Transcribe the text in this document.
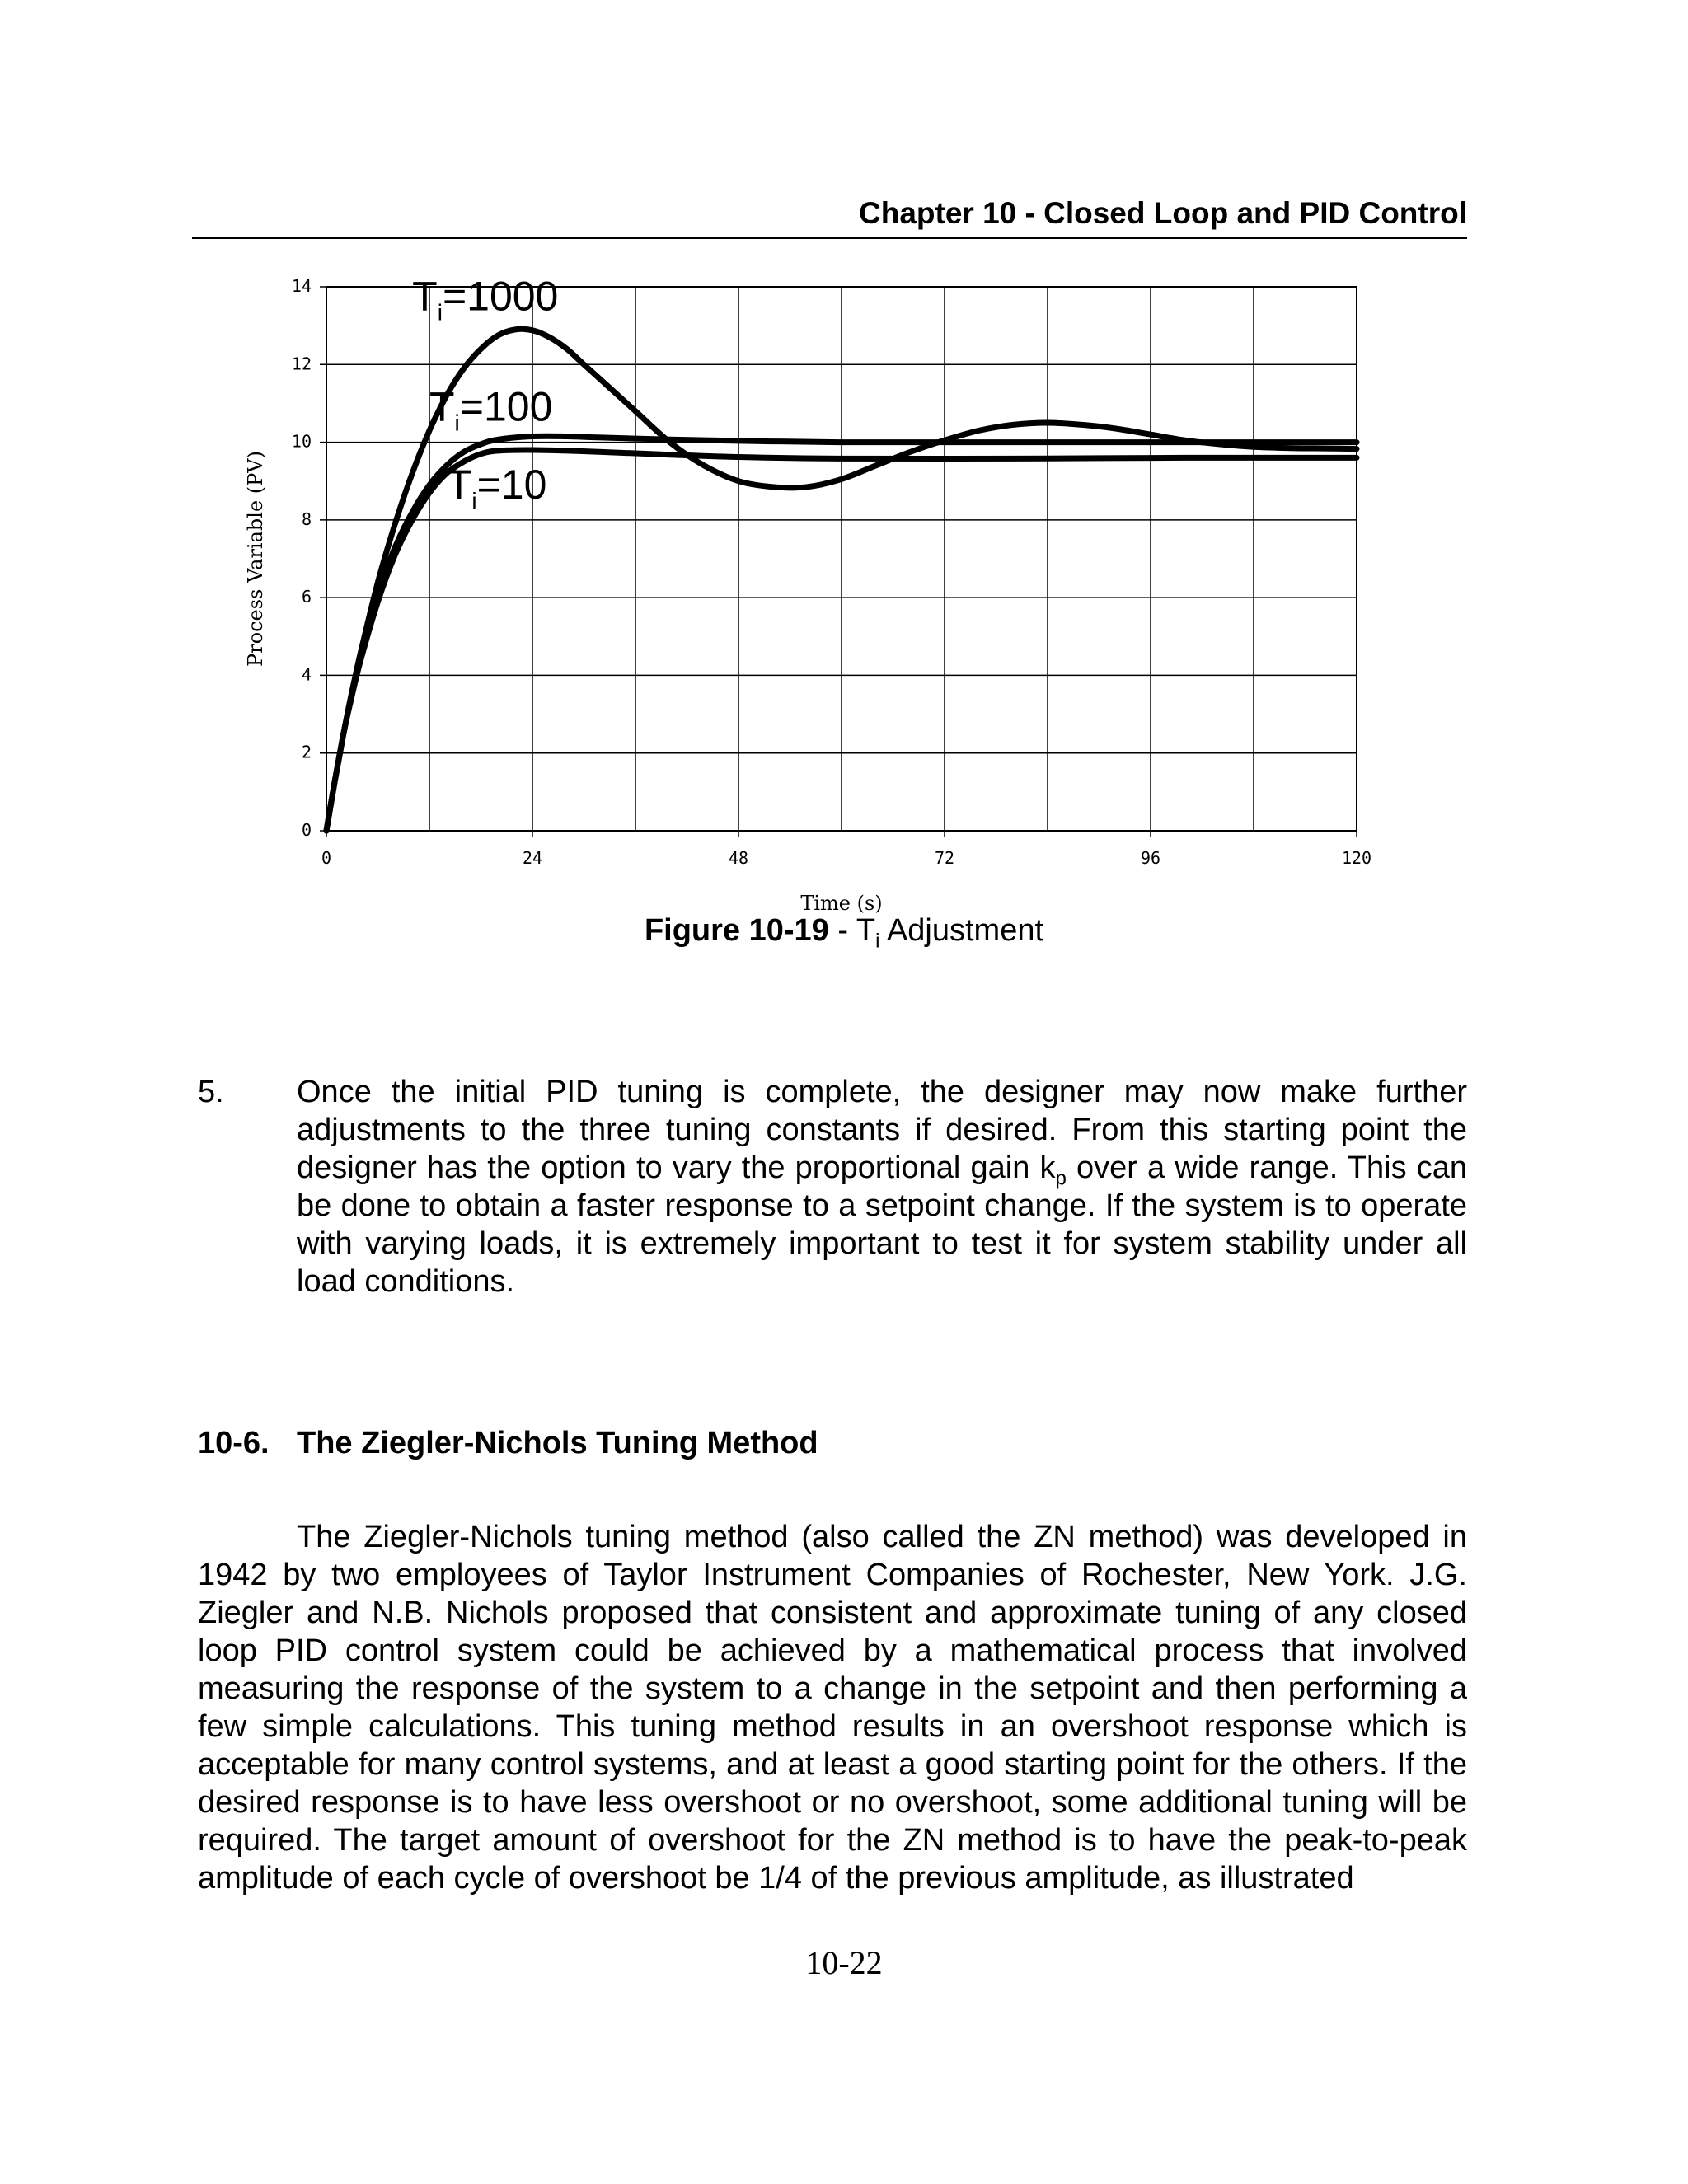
Chapter 10 - Closed Loop and PID Control
0	24	48	72	96	120
0
2
4
6
8
10
12
14 $T_i=1000$
$T_i=100$
$T_i=10$
Time (s)
Process Variable (PV)
Figure $10-19 - T_i$ Adjustment
5. Once the initial PID tuning is complete, the designer may now make further adjustments to the three tuning constants if desired. From this starting point the designer has the option to vary the proportional gain $k_p$ over a wide range. This can be done to obtain a faster response to a setpoint change. If the system is to operate with varying loads, it is extremely important to test it for system stability under all load conditions.
10-6. The Ziegler-Nichols Tuning Method
The Ziegler-Nichols tuning method (also called the ZN method) was developed in 1942 by two employees of Taylor Instrument Companies of Rochester, New York. J.G. Ziegler and N.B. Nichols proposed that consistent and approximate tuning of any closed loop PID control system could be achieved by a mathematical process that involved measuring the response of the system to a change in the setpoint and then performing a few simple calculations. This tuning method results in an overshoot response which is acceptable for many control systems, and at least a good starting point for the others. If the desired response is to have less overshoot or no overshoot, some additional tuning will be required. The target amount of overshoot for the ZN method is to have the peak-to-peak amplitude of each cycle of overshoot be 1/4 of the previous amplitude, as illustrated
10-22
